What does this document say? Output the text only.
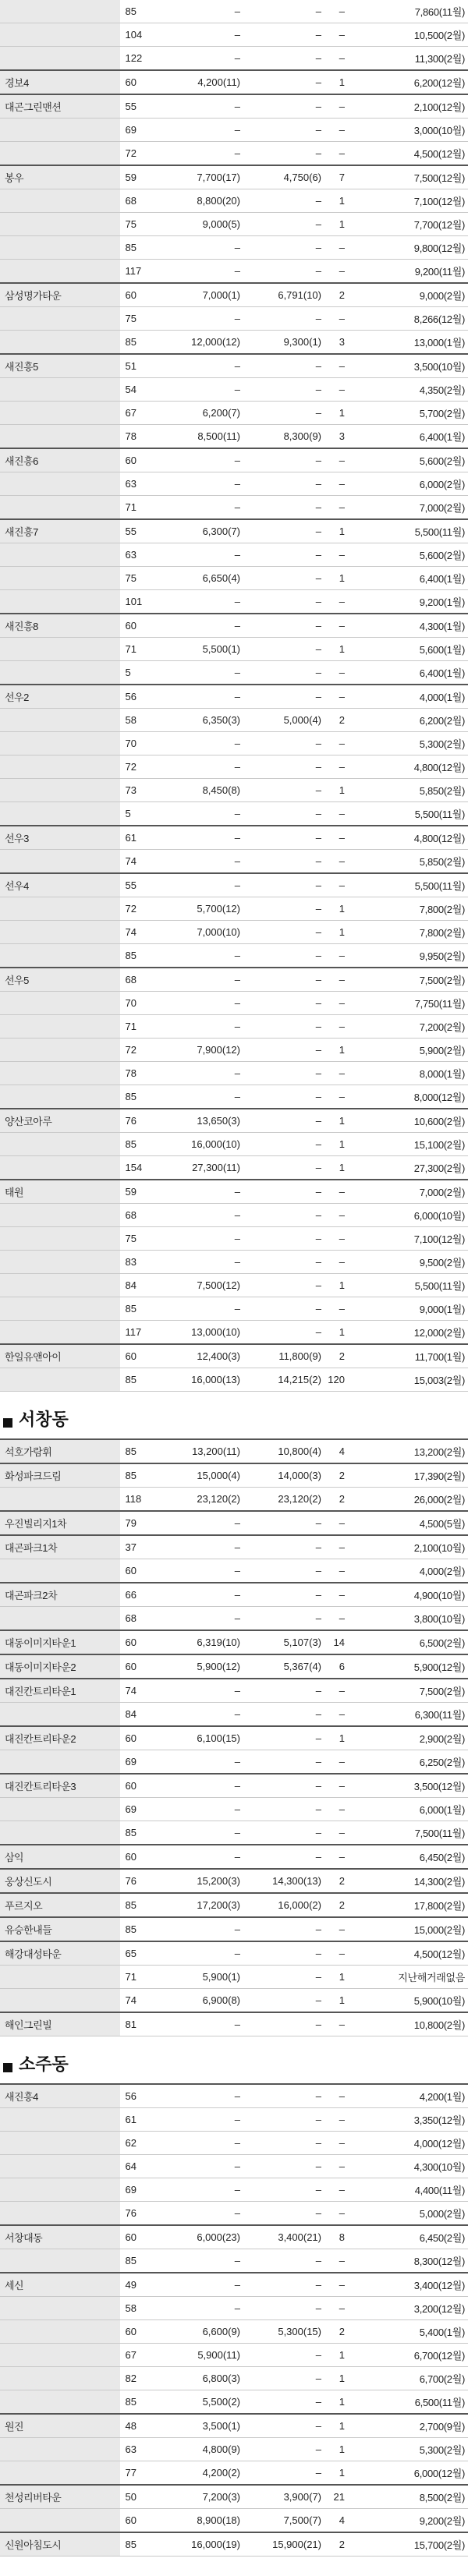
	85	–	–	–	7,860(11월)
	104	–	–	–	10,500(2월)
	122	–	–	–	11,300(2월)
경보4	60	4,200(11)	–	1	6,200(12월)
대곤그린맨션	55	–	–	–	2,100(12월)
	69	–	–	–	3,000(10월)
	72	–	–	–	4,500(12월)
봉우	59	7,700(17)	4,750(6)	7	7,500(12월)
	68	8,800(20)	–	1	7,100(12월)
	75	9,000(5)	–	1	7,700(12월)
	85	–	–	–	9,800(12월)
	117	–	–	–	9,200(11월)
삼성명가타운	60	7,000(1)	6,791(10)	2	9,000(2월)
	75	–	–	–	8,266(12월)
	85	12,000(12)	9,300(1)	3	13,000(1월)
새진흥5	51	–	–	–	3,500(10월)
	54	–	–	–	4,350(2월)
	67	6,200(7)	–	1	5,700(2월)
	78	8,500(11)	8,300(9)	3	6,400(1월)
새진흥6	60	–	–	–	5,600(2월)
	63	–	–	–	6,000(2월)
	71	–	–	–	7,000(2월)
새진흥7	55	6,300(7)	–	1	5,500(11월)
	63	–	–	–	5,600(2월)
	75	6,650(4)	–	1	6,400(1월)
	101	–	–	–	9,200(1월)
새진흥8	60	–	–	–	4,300(1월)
	71	5,500(1)	–	1	5,600(1월)
	5	–	–	–	6,400(1월)
선우2	56	–	–	–	4,000(1월)
	58	6,350(3)	5,000(4)	2	6,200(2월)
	70	–	–	–	5,300(2월)
	72	–	–	–	4,800(12월)
	73	8,450(8)	–	1	5,850(2월)
	5	–	–	–	5,500(11월)
선우3	61	–	–	–	4,800(12월)
	74	–	–	–	5,850(2월)
선우4	55	–	–	–	5,500(11월)
	72	5,700(12)	–	1	7,800(2월)
	74	7,000(10)	–	1	7,800(2월)
	85	–	–	–	9,950(2월)
선우5	68	–	–	–	7,500(2월)
	70	–	–	–	7,750(11월)
	71	–	–	–	7,200(2월)
	72	7,900(12)	–	1	5,900(2월)
	78	–	–	–	8,000(1월)
	85	–	–	–	8,000(12월)
양산코아루	76	13,650(3)	–	1	10,600(2월)
	85	16,000(10)	–	1	15,100(2월)
	154	27,300(11)	–	1	27,300(2월)
태원	59	–	–	–	7,000(2월)
	68	–	–	–	6,000(10월)
	75	–	–	–	7,100(12월)
	83	–	–	–	9,500(2월)
	84	7,500(12)	–	1	5,500(11월)
	85	–	–	–	9,000(1월)
	117	13,000(10)	–	1	12,000(2월)
한일유앤아이	60	12,400(3)	11,800(9)	2	11,700(1월)
	85	16,000(13)	14,215(2)	120	15,003(2월)
서창동
석호가람휘	85	13,200(11)	10,800(4)	4	13,200(2월)
화성파크드림	85	15,000(4)	14,000(3)	2	17,390(2월)
	118	23,120(2)	23,120(2)	2	26,000(2월)
우진빌리지1차	79	–	–	–	4,500(5월)
대곤파크1차	37	–	–	–	2,100(10월)
	60	–	–	–	4,000(2월)
대곤파크2차	66	–	–	–	4,900(10월)
	68	–	–	–	3,800(10월)
대동이미지타운1	60	6,319(10)	5,107(3)	14	6,500(2월)
대동이미지타운2	60	5,900(12)	5,367(4)	6	5,900(12월)
대진칸트리타운1	74	–	–	–	7,500(2월)
	84	–	–	–	6,300(11월)
대진칸트리타운2	60	6,100(15)	–	1	2,900(2월)
	69	–	–	–	6,250(2월)
대진칸트리타운3	60	–	–	–	3,500(12월)
	69	–	–	–	6,000(1월)
	85	–	–	–	7,500(11월)
삼익	60	–	–	–	6,450(2월)
웅상신도시	76	15,200(3)	14,300(13)	2	14,300(2월)
푸르지오	85	17,200(3)	16,000(2)	2	17,800(2월)
유승한내들	85	–	–	–	15,000(2월)
해강대성타운	65	–	–	–	4,500(12월)
	71	5,900(1)	–	1	지난해거래없음
	74	6,900(8)	–	1	5,900(10월)
해인그린빌	81	–	–	–	10,800(2월)
소주동
새진흥4	56	–	–	–	4,200(1월)
	61	–	–	–	3,350(12월)
	62	–	–	–	4,000(12월)
	64	–	–	–	4,300(10월)
	69	–	–	–	4,400(11월)
	76	–	–	–	5,000(2월)
서창대동	60	6,000(23)	3,400(21)	8	6,450(2월)
	85	–	–	–	8,300(12월)
세신	49	–	–	–	3,400(12월)
	58	–	–	–	3,200(12월)
	60	6,600(9)	5,300(15)	2	5,400(1월)
	67	5,900(11)	–	1	6,700(12월)
	82	6,800(3)	–	1	6,700(2월)
	85	5,500(2)	–	1	6,500(11월)
원진	48	3,500(1)	–	1	2,700(9월)
	63	4,800(9)	–	1	5,300(2월)
	77	4,200(2)	–	1	6,000(12월)
천성리버타운	50	7,200(3)	3,900(7)	21	8,500(2월)
	60	8,900(18)	7,500(7)	4	9,200(2월)
신원아침도시	85	16,000(19)	15,900(21)	2	15,700(2월)
